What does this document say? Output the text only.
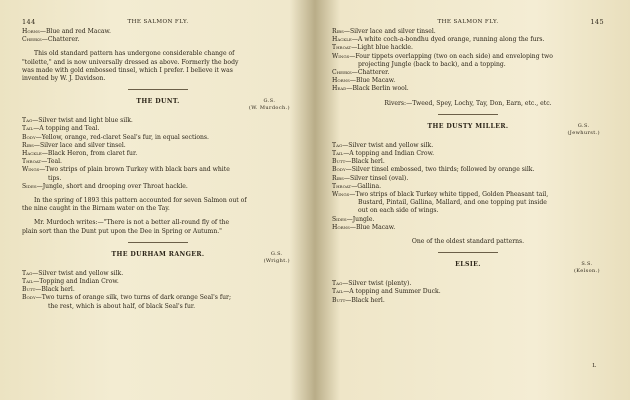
144	THE SALMON FLY.
Horns—Blue and red Macaw.
Cheeks—Chatterer.
This old standard pattern has undergone considerable change of
"toilette," and is now universally dressed as above. Formerly the body
was made with gold embossed tinsel, which I prefer. I believe it was
invented by W. J. Davidson.
THE DUNT.	G.S.
(W. Murdoch.)
Tag—Silver twist and light blue silk.
Tail—A topping and Teal.
Body—Yellow, orange, red-claret Seal's fur, in equal sections.
Ribs—Silver lace and silver tinsel.
Hackle—Black Heron, from claret fur.
Throat—Teal.
Wings—Two strips of plain brown Turkey with black bars and white
tips.
Sides—Jungle, short and drooping over Throat hackle.
In the spring of 1893 this pattern accounted for seven Salmon out of
the nine caught in the Birnam water on the Tay.
Mr. Murdoch writes:—"There is not a better all-round fly of the
plain sort than the Dunt put upon the Dee in Spring or Autumn."
THE DURHAM RANGER.	G.S.
(Wright.)
Tag—Silver twist and yellow silk.
Tail—Topping and Indian Crow.
Butt—Black herl.
Body—Two turns of orange silk, two turns of dark orange Seal's fur;
the rest, which is about half, of black Seal's fur.
THE SALMON FLY.	145
Ribs—Silver lace and silver tinsel.
Hackle—A white coch-a-bondhu dyed orange, running along the furs.
Throat—Light blue hackle.
Wings—Four tippets overlapping (two on each side) and enveloping two
projecting Jungle (back to back), and a topping.
Cheeks—Chatterer.
Horns—Blue Macaw.
Head—Black Berlin wool.
Rivers:—Tweed, Spey, Lochy, Tay, Don, Earn, etc., etc.
THE DUSTY MILLER.	G.S.
(Jewhurst.)
Tag—Silver twist and yellow silk.
Tail—A topping and Indian Crow.
Butt—Black herl.
Body—Silver tinsel embossed, two thirds; followed by orange silk.
Ribs—Silver tinsel (oval).
Throat—Gallina.
Wings—Two strips of black Turkey white tipped, Golden Pheasant tail,
Bustard, Pintail, Gallina, Mallard, and one topping put inside
out on each side of wings.
Sides—Jungle.
Horns—Blue Macaw.
One of the oldest standard patterns.
ELSIE.	S.S.
(Kelson.)
Tag—Silver twist (plenty).
Tail—A topping and Summer Duck.
Butt—Black herl.
L
